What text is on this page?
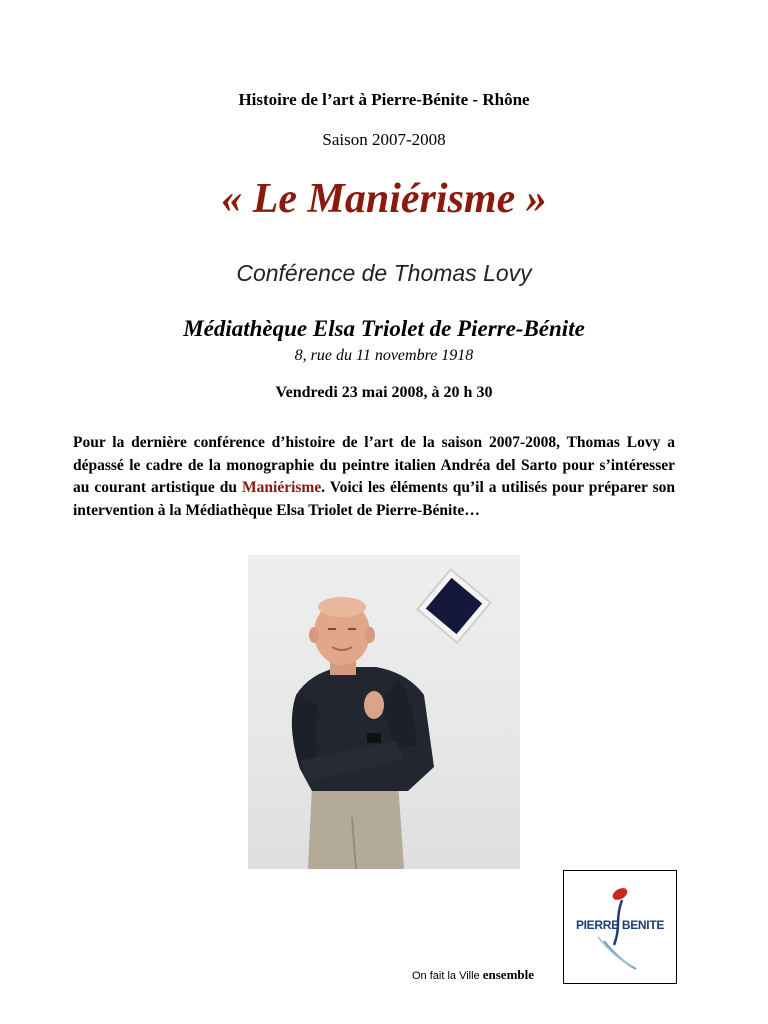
Histoire de l’art à Pierre-Bénite - Rhône
Saison 2007-2008
« Le Maniérisme »
Conférence de Thomas Lovy
Médiathèque Elsa Triolet de Pierre-Bénite
8, rue du 11 novembre 1918
Vendredi 23 mai 2008, à 20 h 30

Pour la dernière conférence d’histoire de l’art de la saison 2007-2008, Thomas Lovy a dépassé le cadre de la monographie du peintre italien Andréa del Sarto pour s’intéresser au courant artistique du Maniérisme. Voici les éléments qu’il a utilisés pour préparer son intervention à la Médiathèque Elsa Triolet de Pierre-Bénite…

PIERRE BENITE
On fait la Ville ensemble
